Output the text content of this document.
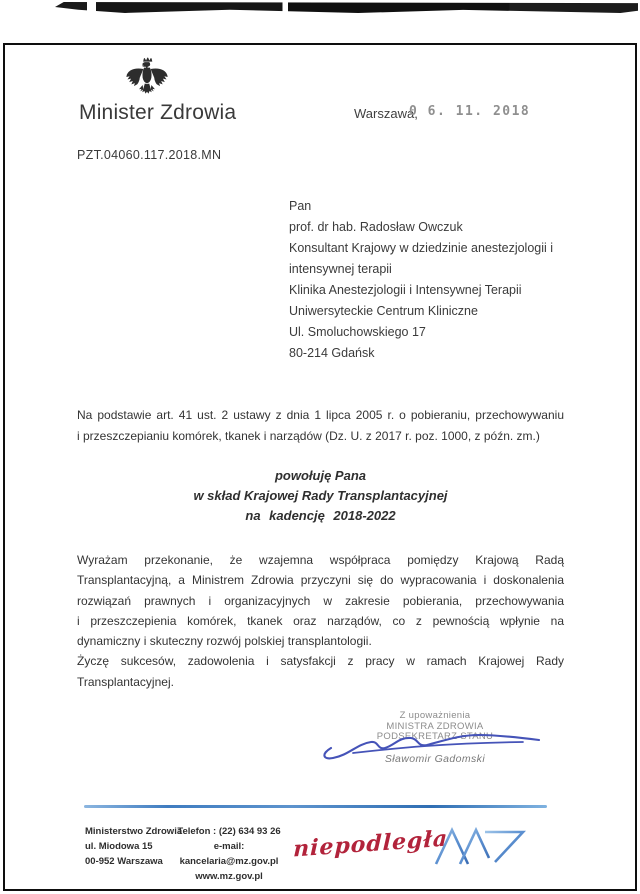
Minister Zdrowia	Warszawa,
0 6. 11. 2018
PZT.04060.117.2018.MN
Pan
prof. dr hab. Radosław Owczuk
Konsultant Krajowy w dziedzinie anestezjologii i
intensywnej terapii
Klinika Anestezjologii i Intensywnej Terapii
Uniwersyteckie Centrum Kliniczne
Ul. Smoluchowskiego 17
80-214 Gdańsk
Na podstawie art. 41 ust. 2 ustawy z dnia 1 lipca 2005 r. o pobieraniu, przechowywaniu
i przeszczepianiu komórek, tkanek i narządów (Dz. U. z 2017 r. poz. 1000, z późn. zm.)
powołuję Pana
w skład Krajowej Rady Transplantacyjnej
na kadencję 2018-2022
Wyrażam przekonanie, że wzajemna współpraca pomiędzy Krajową Radą
Transplantacyjną, a Ministrem Zdrowia przyczyni się do wypracowania i doskonalenia
rozwiązań prawnych i organizacyjnych w zakresie pobierania, przechowywania
i przeszczepienia komórek, tkanek oraz narządów, co z pewnością wpłynie na
dynamiczny i skuteczny rozwój polskiej transplantologii.
Życzę sukcesów, zadowolenia i satysfakcji z pracy w ramach Krajowej Rady
Transplantacyjnej.
Z upoważnienia
MINISTRA ZDROWIA
PODSEKRETARZ STANU
Sławomir Gadomski
Ministerstwo Zdrowia
ul. Miodowa 15
00-952 Warszawa
Telefon : (22) 634 93 26
e-mail: kancelaria@mz.gov.pl
www.mz.gov.pl
niepodległa
